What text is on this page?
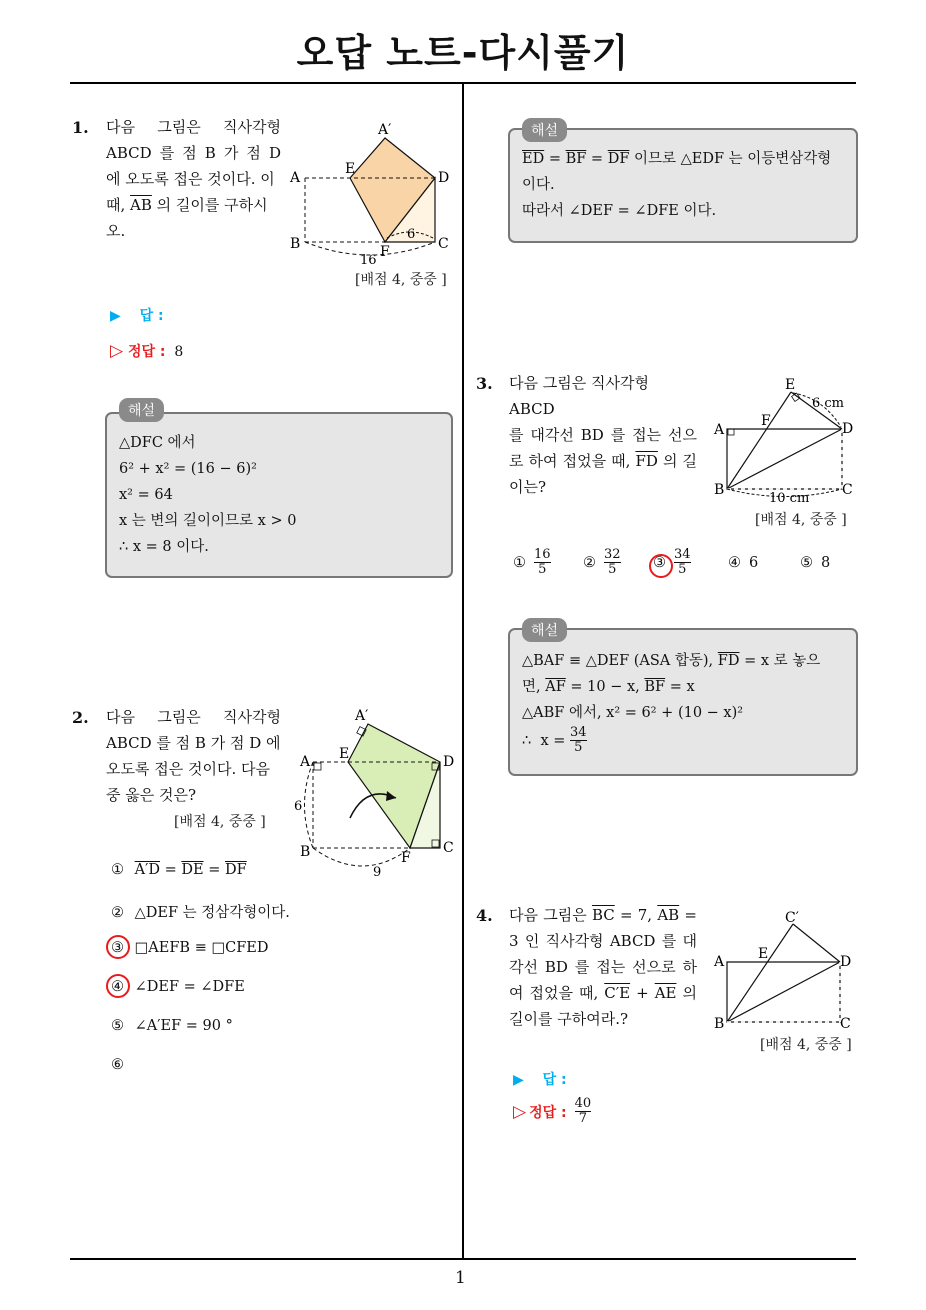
오답 노트-다시풀기
1
1. 다음 그림은 직사각형
ABCD 를 점 B 가 점 D
에 오도록 접은 것이다. 이
때, $\overline{AB}$ 의 길이를 구하시
오.
A′
A
E
D
B	F	C
6
16
[배점 4, 중중 ]
▶ 답 :
▷ 정답 : 8
해설
△DFC 에서
6² + x² = (16 − 6)²
x² = 64
x 는 변의 길이이므로 x > 0
∴ x = 8 이다.
2. 다음 그림은 직사각형
ABCD 를 점 B 가 점 D 에
오도록 접은 것이다. 다음
중 옳은 것은?
[배점 4, 중중 ]
A′
A E	D
6
B	F
C
9
① $A'D = \overline{DE} = \overline{DF}$
② △DEF 는 정삼각형이다.
③ □AEFB ≡ □CFED
④ ∠DEF = ∠DFE
⑤ ∠A′EF = 90 °
⑥
해설
$\overline{ED} = \overline{BF} = \overline{DF}$ 이므로 △EDF 는 이등변삼각형
이다.
따라서 ∠DEF = ∠DFE 이다.
3. 다음 그림은 직사각형 ABCD
를 대각선 BD 를 접는 선으
로 하여 접었을 때, $\overline{FD}$ 의 길
이는?
E
6 cm
F
A	D
B	C
10 cm
[배점 4, 중중 ]
① $\frac{16}{5}$ ② $\frac{32}{5}$ ③ $\frac{34}{5}$	④ 6	⑤ 8
해설
△BAF ≡ △DEF (ASA 합동), $\overline{FD} = x$ 로 놓으
면, $\overline{AF} = 10 - x$, $\overline{BF} = x$
△ABF 에서, x² = 6² + (10 − x)²
∴  $x = \frac{34}{5}$
4. 다음 그림은 $\overline{BC} = 7$, $\overline{AB}$ =
3 인 직사각형 ABCD 를 대
각선 BD 를 접는 선으로 하
여 접었을 때, $C'E + \overline{AE}$ 의
길이를 구하여라.?
C′
A E	D
B	C
[배점 4, 중중 ]
▶ 답 :
▷ 정답 : $\frac{40}{7}$
